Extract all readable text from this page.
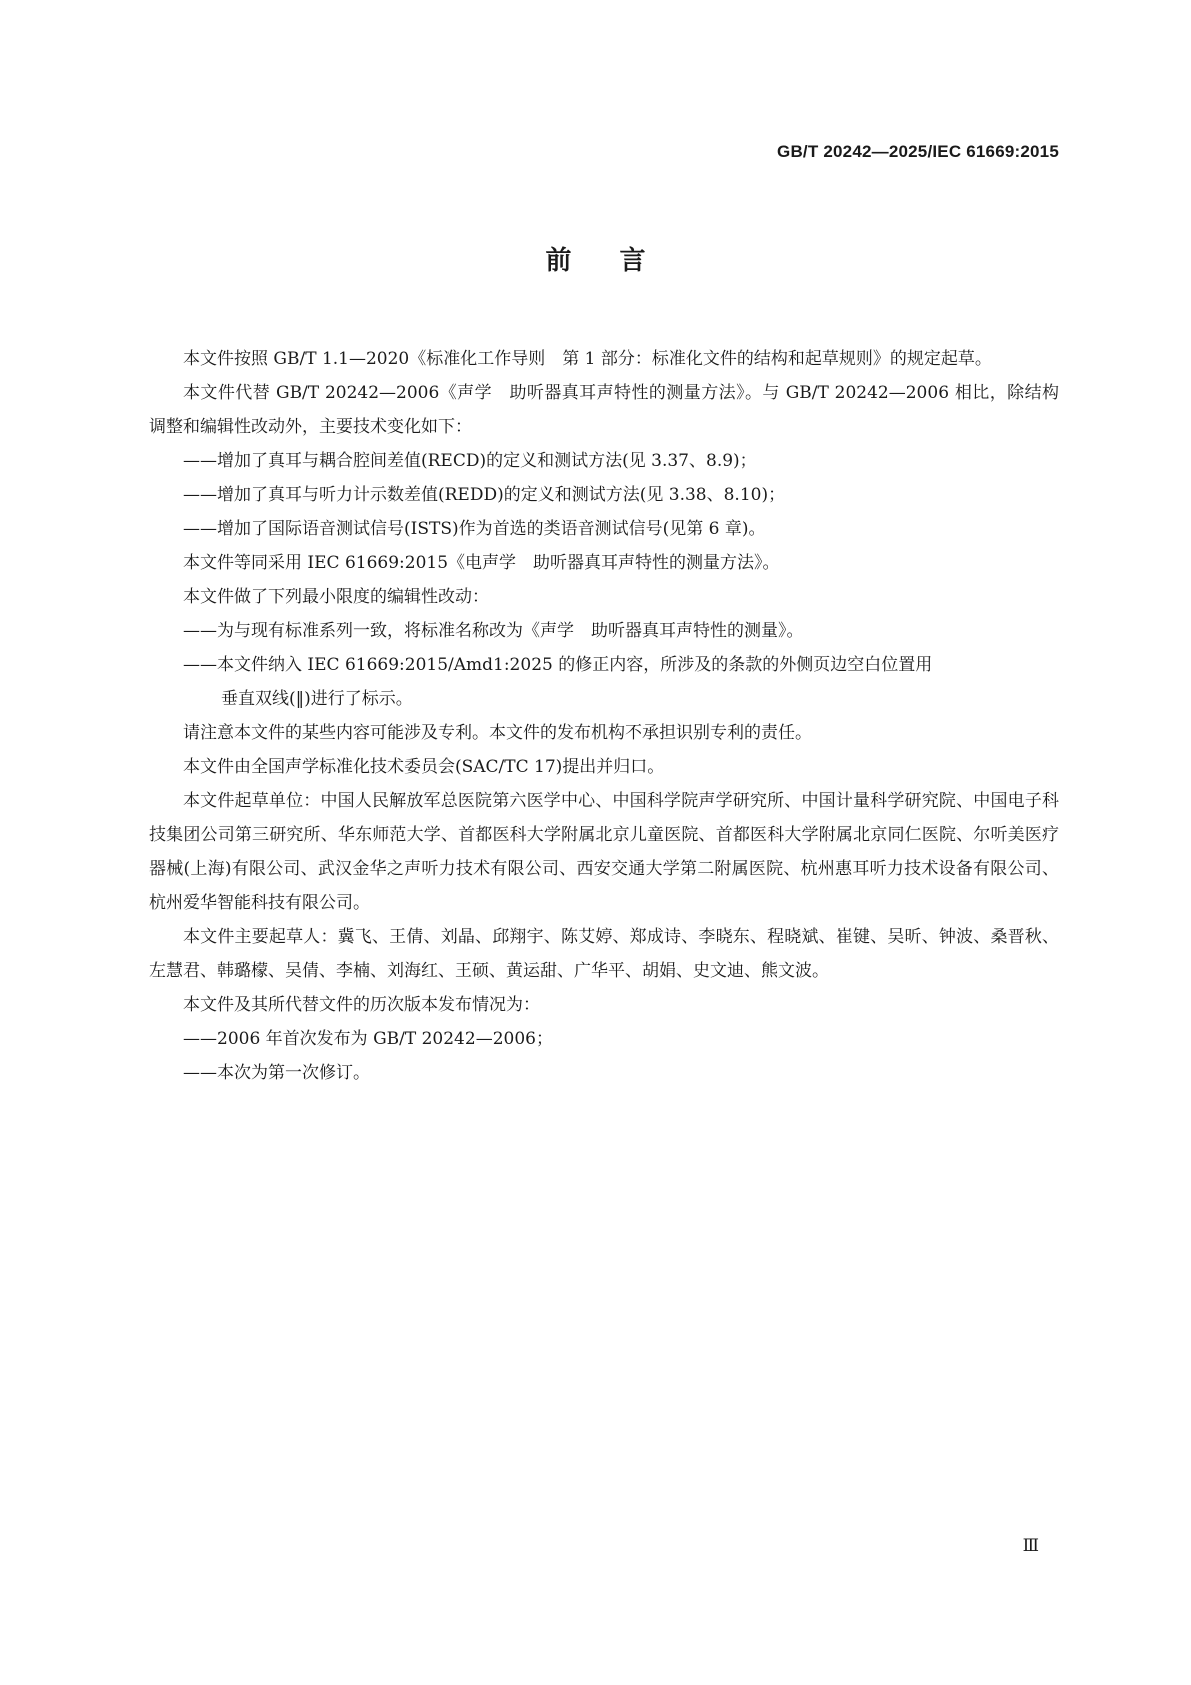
GB/T 20242—2025/IEC 61669:2015
前言

本文件按照 GB/T 1.1—2020《标准化工作导则　第 1 部分：标准化文件的结构和起草规则》的规定起草。

本文件代替 GB/T 20242—2006《声学　助听器真耳声特性的测量方法》。与 GB/T 20242—2006 相比，除结构调整和编辑性改动外，主要技术变化如下：

——增加了真耳与耦合腔间差值(RECD)的定义和测试方法(见 3.37、8.9)；
——增加了真耳与听力计示数差值(REDD)的定义和测试方法(见 3.38、8.10)；
——增加了国际语音测试信号(ISTS)作为首选的类语音测试信号(见第 6 章)。

本文件等同采用 IEC 61669:2015《电声学　助听器真耳声特性的测量方法》。

本文件做了下列最小限度的编辑性改动：

——为与现有标准系列一致，将标准名称改为《声学　助听器真耳声特性的测量》。
——本文件纳入 IEC 61669:2015/Amd1:2025 的修正内容，所涉及的条款的外侧页边空白位置用
垂直双线(‖)进行了标示。

请注意本文件的某些内容可能涉及专利。本文件的发布机构不承担识别专利的责任。

本文件由全国声学标准化技术委员会(SAC/TC 17)提出并归口。

本文件起草单位：中国人民解放军总医院第六医学中心、中国科学院声学研究所、中国计量科学研究院、中国电子科技集团公司第三研究所、华东师范大学、首都医科大学附属北京儿童医院、首都医科大学附属北京同仁医院、尔听美医疗器械(上海)有限公司、武汉金华之声听力技术有限公司、西安交通大学第二附属医院、杭州惠耳听力技术设备有限公司、杭州爱华智能科技有限公司。

本文件主要起草人：冀飞、王倩、刘晶、邱翔宇、陈艾婷、郑成诗、李晓东、程晓斌、崔键、吴昕、钟波、桑晋秋、左慧君、韩璐檬、吴倩、李楠、刘海红、王硕、黄运甜、广华平、胡娟、史文迪、熊文波。

本文件及其所代替文件的历次版本发布情况为：

——2006 年首次发布为 GB/T 20242—2006；
——本次为第一次修订。
Ⅲ
